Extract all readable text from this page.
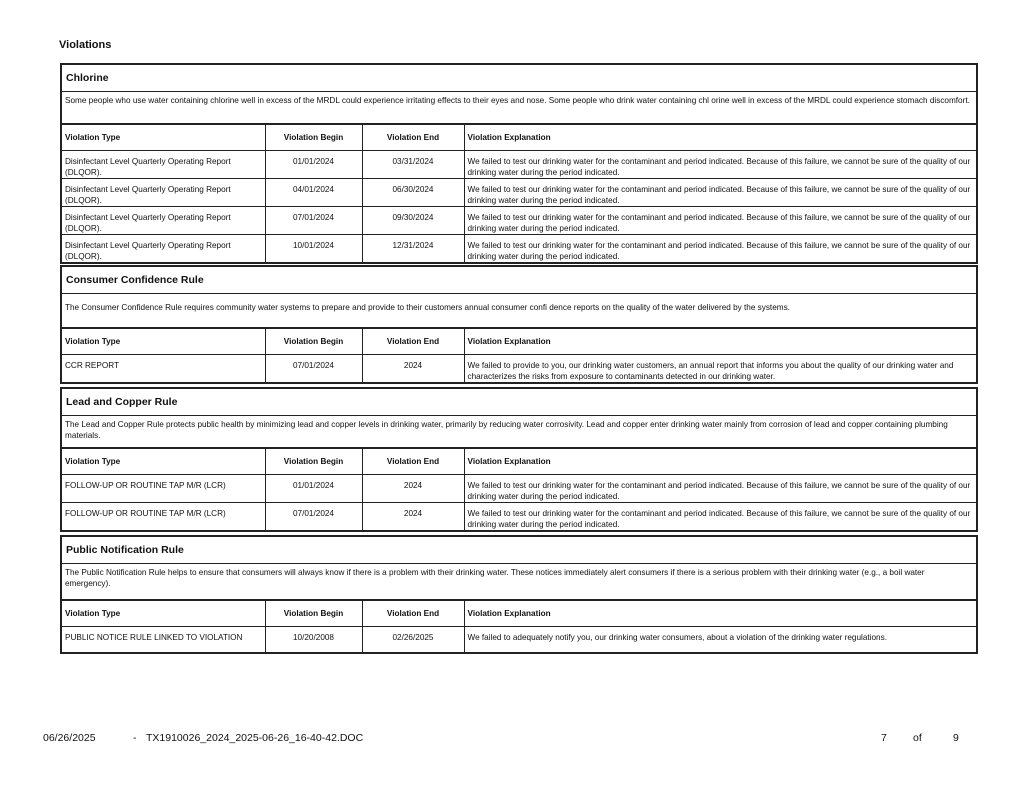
Violations
Chlorine
Some people who use water containing chlorine well in excess of the MRDL could experience irritating effects to their eyes and nose. Some people who drink water containing chl orine well in excess of the MRDL could experience stomach discomfort.
Violation Type	Violation Begin	Violation End	Violation Explanation
Disinfectant Level Quarterly Operating Report (DLQOR).	01/01/2024	03/31/2024	We failed to test our drinking water for the contaminant and period indicated. Because of this failure, we cannot be sure of the quality of our drinking water during the period indicated.
Disinfectant Level Quarterly Operating Report (DLQOR).	04/01/2024	06/30/2024	We failed to test our drinking water for the contaminant and period indicated. Because of this failure, we cannot be sure of the quality of our drinking water during the period indicated.
Disinfectant Level Quarterly Operating Report (DLQOR).	07/01/2024	09/30/2024	We failed to test our drinking water for the contaminant and period indicated. Because of this failure, we cannot be sure of the quality of our drinking water during the period indicated.
Disinfectant Level Quarterly Operating Report (DLQOR).	10/01/2024	12/31/2024	We failed to test our drinking water for the contaminant and period indicated. Because of this failure, we cannot be sure of the quality of our drinking water during the period indicated.
Consumer Confidence Rule
The Consumer Confidence Rule requires community water systems to prepare and provide to their customers annual consumer confi dence reports on the quality of the water delivered by the systems.
Violation Type	Violation Begin	Violation End	Violation Explanation
CCR REPORT	07/01/2024	2024	We failed to provide to you, our drinking water customers, an annual report that informs you about the quality of our drinking water and characterizes the risks from exposure to contaminants detected in our drinking water.
Lead and Copper Rule
The Lead and Copper Rule protects public health by minimizing lead and copper levels in drinking water, primarily by reducing water corrosivity. Lead and copper enter drinking water mainly from corrosion of lead and copper containing plumbing materials.
Violation Type	Violation Begin	Violation End	Violation Explanation
FOLLOW-UP OR ROUTINE TAP M/R (LCR)	01/01/2024	2024	We failed to test our drinking water for the contaminant and period indicated. Because of this failure, we cannot be sure of the quality of our drinking water during the period indicated.
FOLLOW-UP OR ROUTINE TAP M/R (LCR)	07/01/2024	2024	We failed to test our drinking water for the contaminant and period indicated. Because of this failure, we cannot be sure of the quality of our drinking water during the period indicated.
Public Notification Rule
The Public Notification Rule helps to ensure that consumers will always know if there is a problem with their drinking water. These notices immediately alert consumers if there is a serious problem with their drinking water (e.g., a boil water emergency).
Violation Type	Violation Begin	Violation End	Violation Explanation
PUBLIC NOTICE RULE LINKED TO VIOLATION	10/20/2008	02/26/2025	We failed to adequately notify you, our drinking water consumers, about a violation of the drinking water regulations.
06/26/2025	- TX1910026_2024_2025-06-26_16-40-42.DOC	7 of	9
